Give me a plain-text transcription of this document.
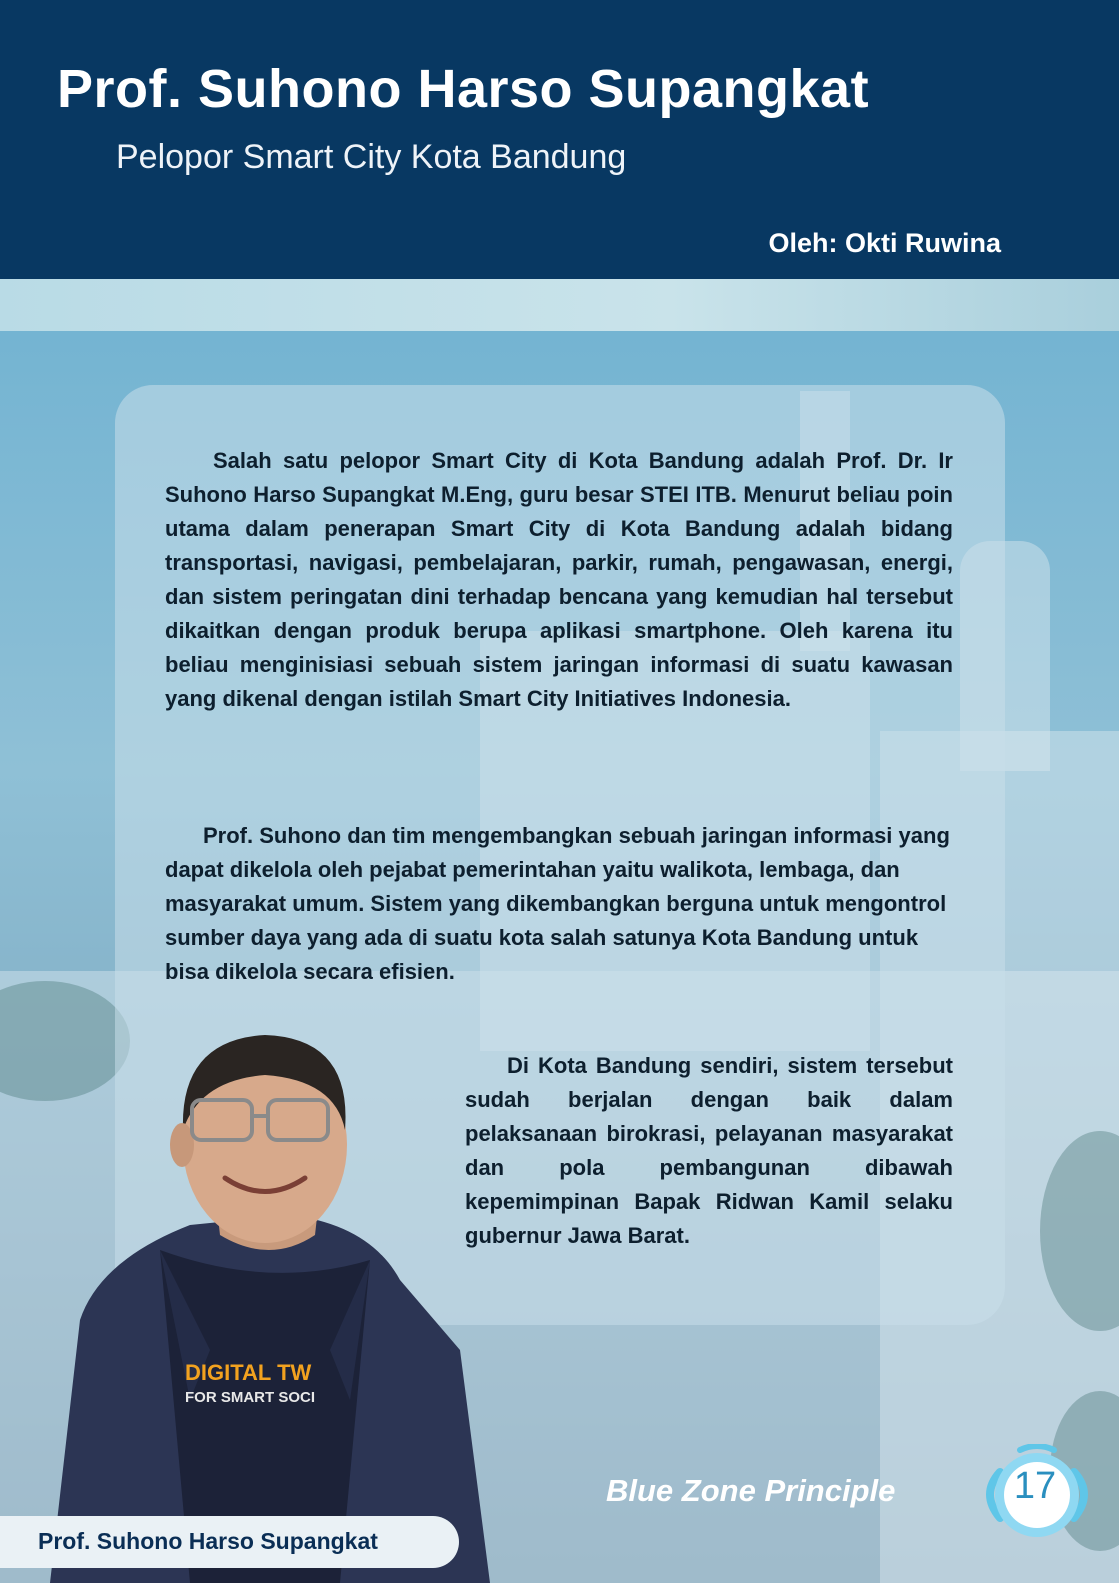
Prof. Suhono Harso Supangkat
Pelopor Smart City Kota Bandung
Oleh: Okti Ruwina

Salah satu pelopor Smart City di Kota Bandung adalah Prof. Dr. Ir Suhono Harso Supangkat M.Eng, guru besar STEI ITB. Menurut beliau poin utama dalam penerapan Smart City di Kota Bandung adalah bidang transportasi, navigasi, pembelajaran, parkir, rumah, pengawasan, energi, dan sistem peringatan dini terhadap bencana yang kemudian hal tersebut dikaitkan dengan produk berupa aplikasi smartphone. Oleh karena itu beliau menginisiasi sebuah sistem jaringan informasi di suatu kawasan yang dikenal dengan istilah Smart City Initiatives Indonesia.

Prof. Suhono dan tim mengembangkan sebuah jaringan informasi yang dapat dikelola oleh pejabat pemerintahan yaitu walikota, lembaga, dan masyarakat umum. Sistem yang dikembangkan berguna untuk mengontrol sumber daya yang ada di suatu kota salah satunya Kota Bandung untuk bisa dikelola secara efisien.

Di Kota Bandung sendiri, sistem tersebut sudah berjalan dengan baik dalam pelaksanaan birokrasi, pelayanan masyarakat dan pola pembangunan dibawah kepemimpinan Bapak Ridwan Kamil selaku gubernur Jawa Barat.

DIGITAL TW
FOR SMART SOCI
Prof. Suhono Harso Supangkat
Blue Zone Principle	17
